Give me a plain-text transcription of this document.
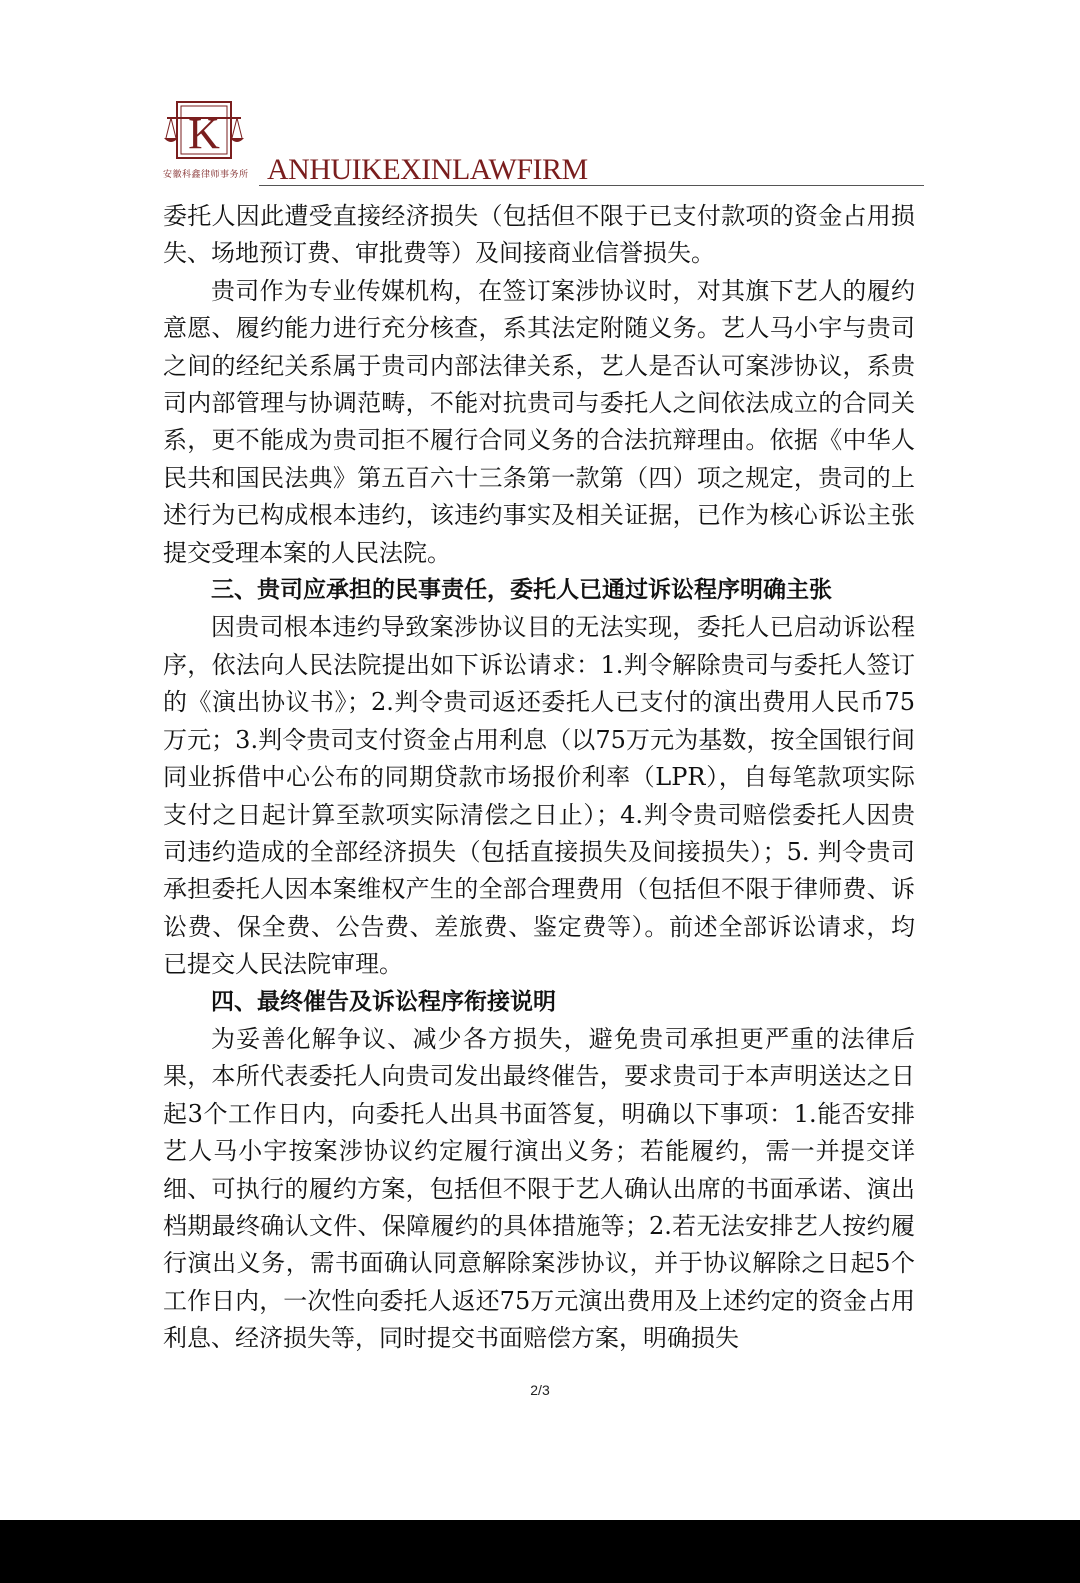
K
安徽科鑫律师事务所 ANHUIKEXINLAWFIRM

委托人因此遭受直接经济损失（包括但不限于已支付款项的资金占用损失、场地预订费、审批费等）及间接商业信誉损失。

贵司作为专业传媒机构，在签订案涉协议时，对其旗下艺人的履约意愿、履约能力进行充分核查，系其法定附随义务。艺人马小宇与贵司之间的经纪关系属于贵司内部法律关系，艺人是否认可案涉协议，系贵司内部管理与协调范畴，不能对抗贵司与委托人之间依法成立的合同关系，更不能成为贵司拒不履行合同义务的合法抗辩理由。依据《中华人民共和国民法典》第五百六十三条第一款第（四）项之规定，贵司的上述行为已构成根本违约，该违约事实及相关证据，已作为核心诉讼主张提交受理本案的人民法院。

三、贵司应承担的民事责任，委托人已通过诉讼程序明确主张

因贵司根本违约导致案涉协议目的无法实现，委托人已启动诉讼程序，依法向人民法院提出如下诉讼请求：1.判令解除贵司与委托人签订的《演出协议书》；2.判令贵司返还委托人已支付的演出费用人民币75万元；3.判令贵司支付资金占用利息（以75万元为基数，按全国银行间同业拆借中心公布的同期贷款市场报价利率（LPR），自每笔款项实际支付之日起计算至款项实际清偿之日止）；4.判令贵司赔偿委托人因贵司违约造成的全部经济损失（包括直接损失及间接损失）；5. 判令贵司承担委托人因本案维权产生的全部合理费用（包括但不限于律师费、诉讼费、保全费、公告费、差旅费、鉴定费等）。前述全部诉讼请求，均已提交人民法院审理。

四、最终催告及诉讼程序衔接说明

为妥善化解争议、减少各方损失，避免贵司承担更严重的法律后果，本所代表委托人向贵司发出最终催告，要求贵司于本声明送达之日起3个工作日内，向委托人出具书面答复，明确以下事项：1.能否安排艺人马小宇按案涉协议约定履行演出义务；若能履约，需一并提交详细、可执行的履约方案，包括但不限于艺人确认出席的书面承诺、演出档期最终确认文件、保障履约的具体措施等；2.若无法安排艺人按约履行演出义务，需书面确认同意解除案涉协议，并于协议解除之日起5个工作日内，一次性向委托人返还75万元演出费用及上述约定的资金占用利息、经济损失等，同时提交书面赔偿方案，明确损失

2/3
